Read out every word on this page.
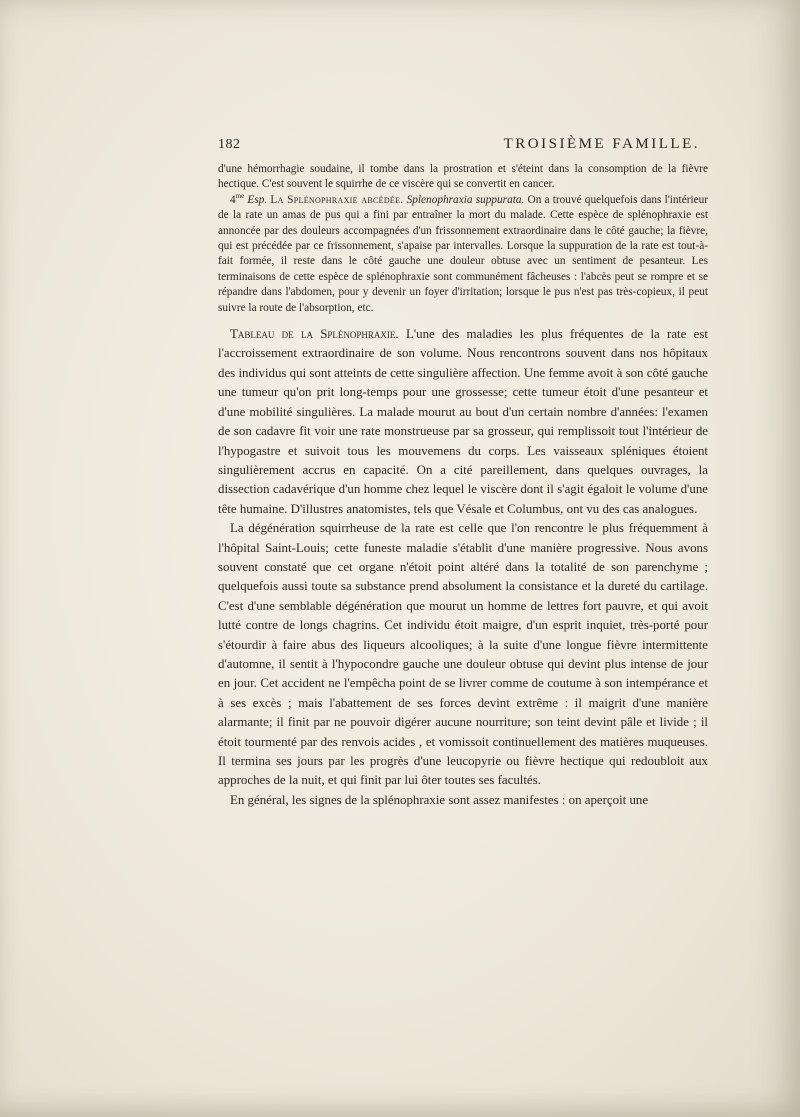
182	TROISIÈME FAMILLE.

d'une hémorrhagie soudaine, il tombe dans la prostration et s'éteint dans la consomption de la fièvre hectique. C'est souvent le squirrhe de ce viscère qui se convertit en cancer.

$4^{me}$ Esp. La Splénophraxie abcédée. Splenophraxia suppurata. On a trouvé quelquefois dans l'intérieur de la rate un amas de pus qui a fini par entraîner la mort du malade. Cette espèce de splénophraxie est annoncée par des douleurs accompagnées d'un frissonnement extraordinaire dans le côté gauche; la fièvre, qui est précédée par ce frissonnement, s'apaise par intervalles. Lorsque la suppuration de la rate est tout-à-fait formée, il reste dans le côté gauche une douleur obtuse avec un sentiment de pesanteur. Les terminaisons de cette espèce de splénophraxie sont communément fâcheuses : l'abcès peut se rompre et se répandre dans l'abdomen, pour y devenir un foyer d'irritation; lorsque le pus n'est pas très-copieux, il peut suivre la route de l'absorption, etc.

Tableau de la Splénophraxie. L'une des maladies les plus fréquentes de la rate est l'accroissement extraordinaire de son volume. Nous rencontrons souvent dans nos hôpitaux des individus qui sont atteints de cette singulière affection. Une femme avoit à son côté gauche une tumeur qu'on prit long-temps pour une grossesse; cette tumeur étoit d'une pesanteur et d'une mobilité singulières. La malade mourut au bout d'un certain nombre d'années: l'examen de son cadavre fit voir une rate monstrueuse par sa grosseur, qui remplissoit tout l'intérieur de l'hypogastre et suivoit tous les mouvemens du corps. Les vaisseaux spléniques étoient singulièrement accrus en capacité. On a cité pareillement, dans quelques ouvrages, la dissection cadavérique d'un homme chez lequel le viscère dont il s'agit égaloit le volume d'une tête humaine. D'illustres anatomistes, tels que Vésale et Columbus, ont vu des cas analogues.

La dégénération squirrheuse de la rate est celle que l'on rencontre le plus fréquemment à l'hôpital Saint-Louis; cette funeste maladie s'établit d'une manière progressive. Nous avons souvent constaté que cet organe n'étoit point altéré dans la totalité de son parenchyme ; quelquefois aussi toute sa substance prend absolument la consistance et la dureté du cartilage. C'est d'une semblable dégénération que mourut un homme de lettres fort pauvre, et qui avoit lutté contre de longs chagrins. Cet individu étoit maigre, d'un esprit inquiet, très-porté pour s'étourdir à faire abus des liqueurs alcooliques; à la suite d'une longue fièvre intermittente d'automne, il sentit à l'hypocondre gauche une douleur obtuse qui devint plus intense de jour en jour. Cet accident ne l'empêcha point de se livrer comme de coutume à son intempérance et à ses excès ; mais l'abattement de ses forces devint extrême : il maigrit d'une manière alarmante; il finit par ne pouvoir digérer aucune nourriture; son teint devint pâle et livide ; il étoit tourmenté par des renvois acides , et vomissoit continuellement des matières muqueuses. Il termina ses jours par les progrès d'une leucopyrie ou fièvre hectique qui redoubloit aux approches de la nuit, et qui finit par lui ôter toutes ses facultés.

En général, les signes de la splénophraxie sont assez manifestes : on aperçoit une
